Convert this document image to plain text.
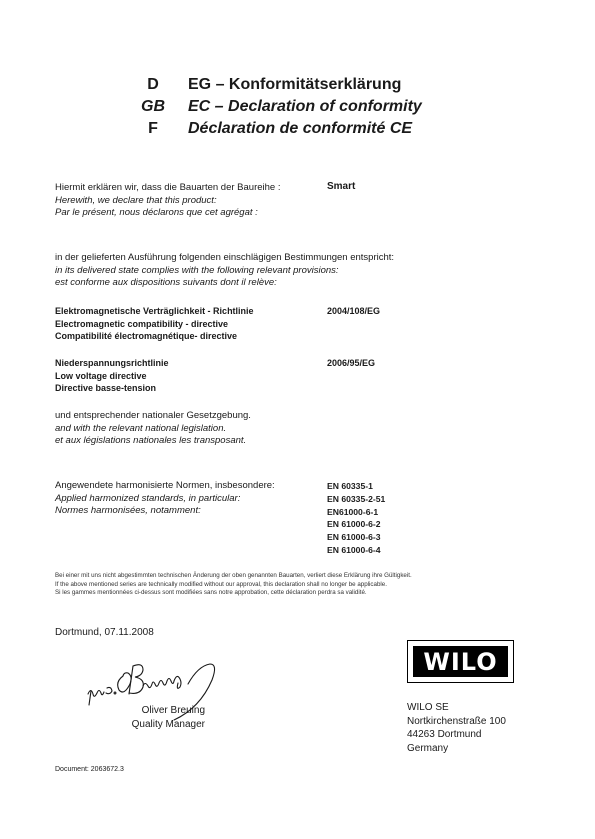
D	EG – Konformitätserklärung
GB EC – Declaration of conformity
F	Déclaration de conformité CE
Hiermit erklären wir, dass die Bauarten der Baureihe :
Herewith, we declare that this product:
Par le présent, nous déclarons que cet agrégat :
Smart
in der gelieferten Ausführung folgenden einschlägigen Bestimmungen entspricht:
in its delivered state complies with the following relevant provisions:
est conforme aux dispositions suivants dont il relève:
Elektromagnetische Verträglichkeit - Richtlinie
Electromagnetic compatibility - directive
Compatibilité électromagnétique- directive
2004/108/EG
Niederspannungsrichtlinie
Low voltage directive
Directive basse-tension
2006/95/EG
und entsprechender nationaler Gesetzgebung.
and with the relevant national legislation.
et aux législations nationales les transposant.
Angewendete harmonisierte Normen, insbesondere:
Applied harmonized standards, in particular:
Normes harmonisées, notamment:
EN 60335-1
EN 60335-2-51
EN61000-6-1
EN 61000-6-2
EN 61000-6-3
EN 61000-6-4
Bei einer mit uns nicht abgestimmten technischen Änderung der oben genannten Bauarten, verliert diese Erklärung ihre Gültigkeit.
If the above mentioned series are technically modified without our approval, this declaration shall no longer be applicable.
Si les gammes mentionnées ci-dessus sont modifiées sans notre approbation, cette déclaration perdra sa validité.
Dortmund, 07.11.2008
Oliver Breuing
Quality Manager
WILO
WILO SE
Nortkirchenstraße 100
44263 Dortmund
Germany
Document: 2063672.3
